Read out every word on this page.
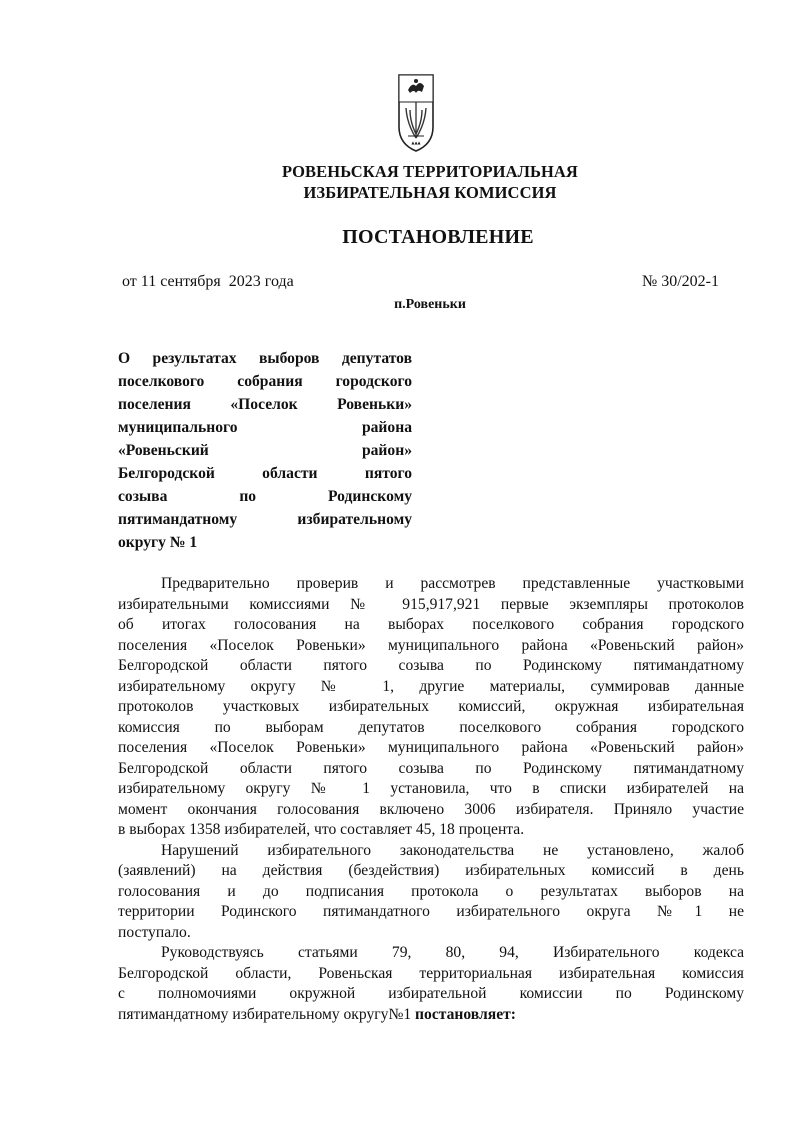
▲▲▲
РОВЕНЬСКАЯ ТЕРРИТОРИАЛЬНАЯ
ИЗБИРАТЕЛЬНАЯ КОМИССИЯ
ПОСТАНОВЛЕНИЕ
от 11 сентября  2023 года	№ 30/202-1
п.Ровеньки
О результатах выборов депутатов
поселкового собрания городского
поселения «Поселок Ровеньки»
муниципального района
«Ровеньский район»
Белгородской области пятого
созыва по Родинскому
пятимандатному избирательному
округу № 1
Предварительно проверив и рассмотрев представленные участковыми
избирательными комиссиями № 915,917,921 первые экземпляры протоколов
об итогах голосования на выборах поселкового собрания городского
поселения «Поселок Ровеньки» муниципального района «Ровеньский район»
Белгородской области пятого созыва по Родинскому пятимандатному
избирательному округу № 1, другие материалы, суммировав данные
протоколов участковых избирательных комиссий, окружная избирательная
комиссия по выборам депутатов поселкового собрания городского
поселения «Поселок Ровеньки» муниципального района «Ровеньский район»
Белгородской области пятого созыва по Родинскому пятимандатному
избирательному округу № 1 установила, что в списки избирателей на
момент окончания голосования включено 3006 избирателя. Приняло участие
в выборах 1358 избирателей, что составляет 45, 18 процента.
Нарушений избирательного законодательства не установлено, жалоб
(заявлений) на действия (бездействия) избирательных комиссий в день
голосования и до подписания протокола о результатах выборов на
территории Родинского пятимандатного избирательного округа №1 не
поступало.
Руководствуясь статьями 79, 80, 94, Избирательного кодекса
Белгородской области, Ровеньская территориальная избирательная комиссия
с полномочиями окружной избирательной комиссии по Родинскому
пятимандатному избирательному округу№1 постановляет:
